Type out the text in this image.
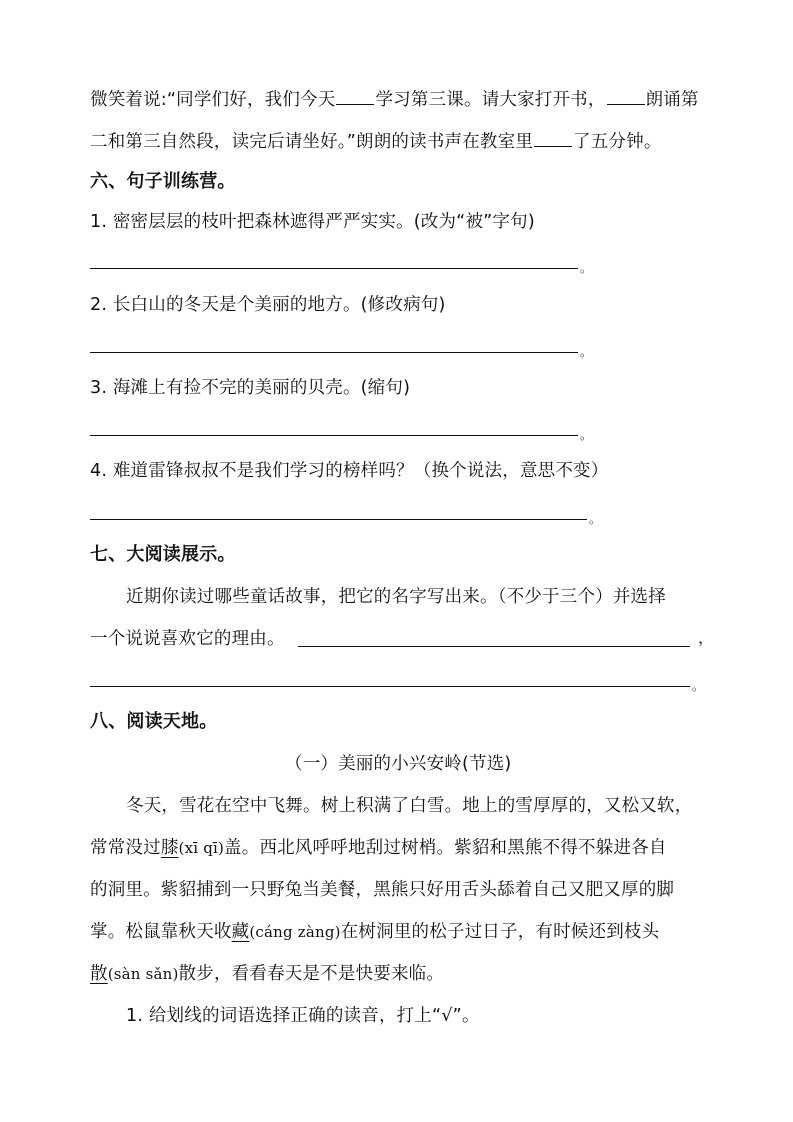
微笑着说:“同学们好，我们今天 学习第三课。请大家打开书， 朗诵第
二和第三自然段，读完后请坐好。”朗朗的读书声在教室里 了五分钟。
六、句子训练营。
1. 密密层层的枝叶把森林遮得严严实实。(改为“被”字句)
。
2. 长白山的冬天是个美丽的地方。(修改病句)
。
3. 海滩上有捡不完的美丽的贝壳。(缩句)
。
4. 难道雷锋叔叔不是我们学习的榜样吗？（换个说法，意思不变）
。
七、大阅读展示。
近期你读过哪些童话故事，把它的名字写出来。（不少于三个）并选择
一个说说喜欢它的理由。	，
。
八、阅读天地。
（一）美丽的小兴安岭(节选)
冬天，雪花在空中飞舞。树上积满了白雪。地上的雪厚厚的，又松又软，
常常没过膝(xī qī)盖。西北风呼呼地刮过树梢。紫貂和黑熊不得不躲进各自
的洞里。紫貂捕到一只野兔当美餐，黑熊只好用舌头舔着自己又肥又厚的脚
掌。松鼠靠秋天收藏(cáng zàng)在树洞里的松子过日子，有时候还到枝头
散(sàn sǎn)散步，看看春天是不是快要来临。
1. 给划线的词语选择正确的读音，打上“√”。
